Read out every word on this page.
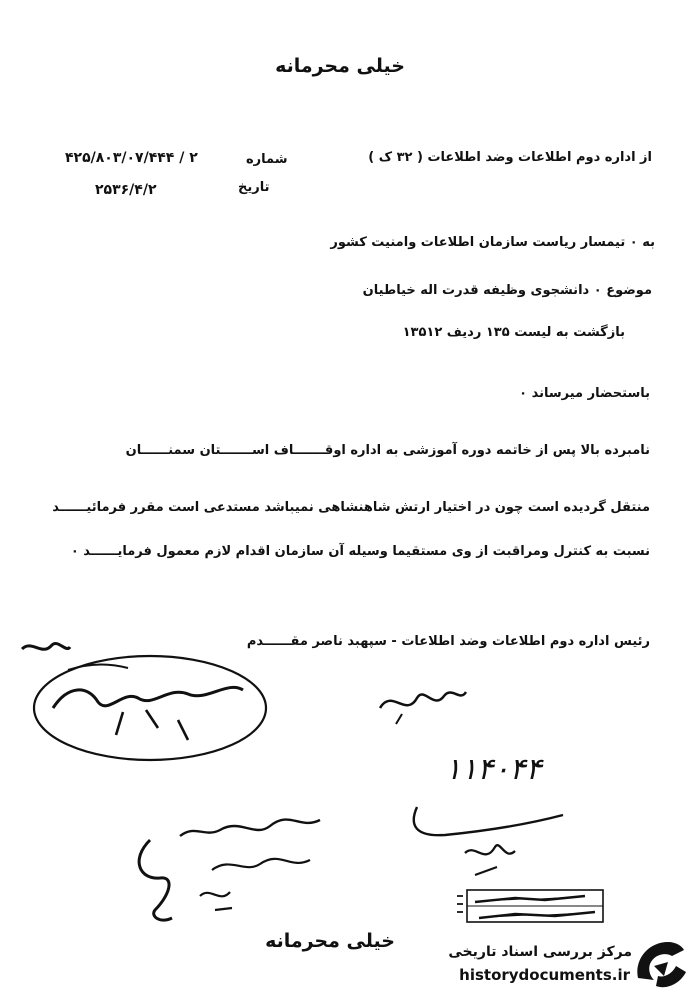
خیلی محرمانه
از اداره دوم اطلاعات وضد اطلاعات ( ۳۲ ک )
شماره
۴۲۵/۸۰۳/۰۷/۴۴۴ / ۲
تاریخ
۲۵۳۶/۴/۲
به ۰ تیمسار ریاست سازمان اطلاعات وامنیت کشور
موضوع ۰ دانشجوی وظیفه قدرت اله خیاطیان
بازگشت به لیست ۱۳۵ ردیف ۱۳۵۱۲
باستحضار میرساند ۰
نامبرده بالا پس از خاتمه دوره آموزشی به اداره اوقـــــــاف اســـــــتان سمنــــــان
منتقل گردیده است چون در اختیار ارتش شاهنشاهی نمیباشد مستدعی است مقرر فرمائیــــــد
نسبت به کنترل ومراقبت از وی مستقیما وسیله آن سازمان اقدام لازم معمول فرمایــــــد ۰
رئیس اداره دوم اطلاعات وضد اطلاعات - سپهبد ناصر مقــــــدم
۱۱۴۰۴۴
خیلی محرمانه	مرکز بررسی اسناد تاریخی
historydocuments.ir
